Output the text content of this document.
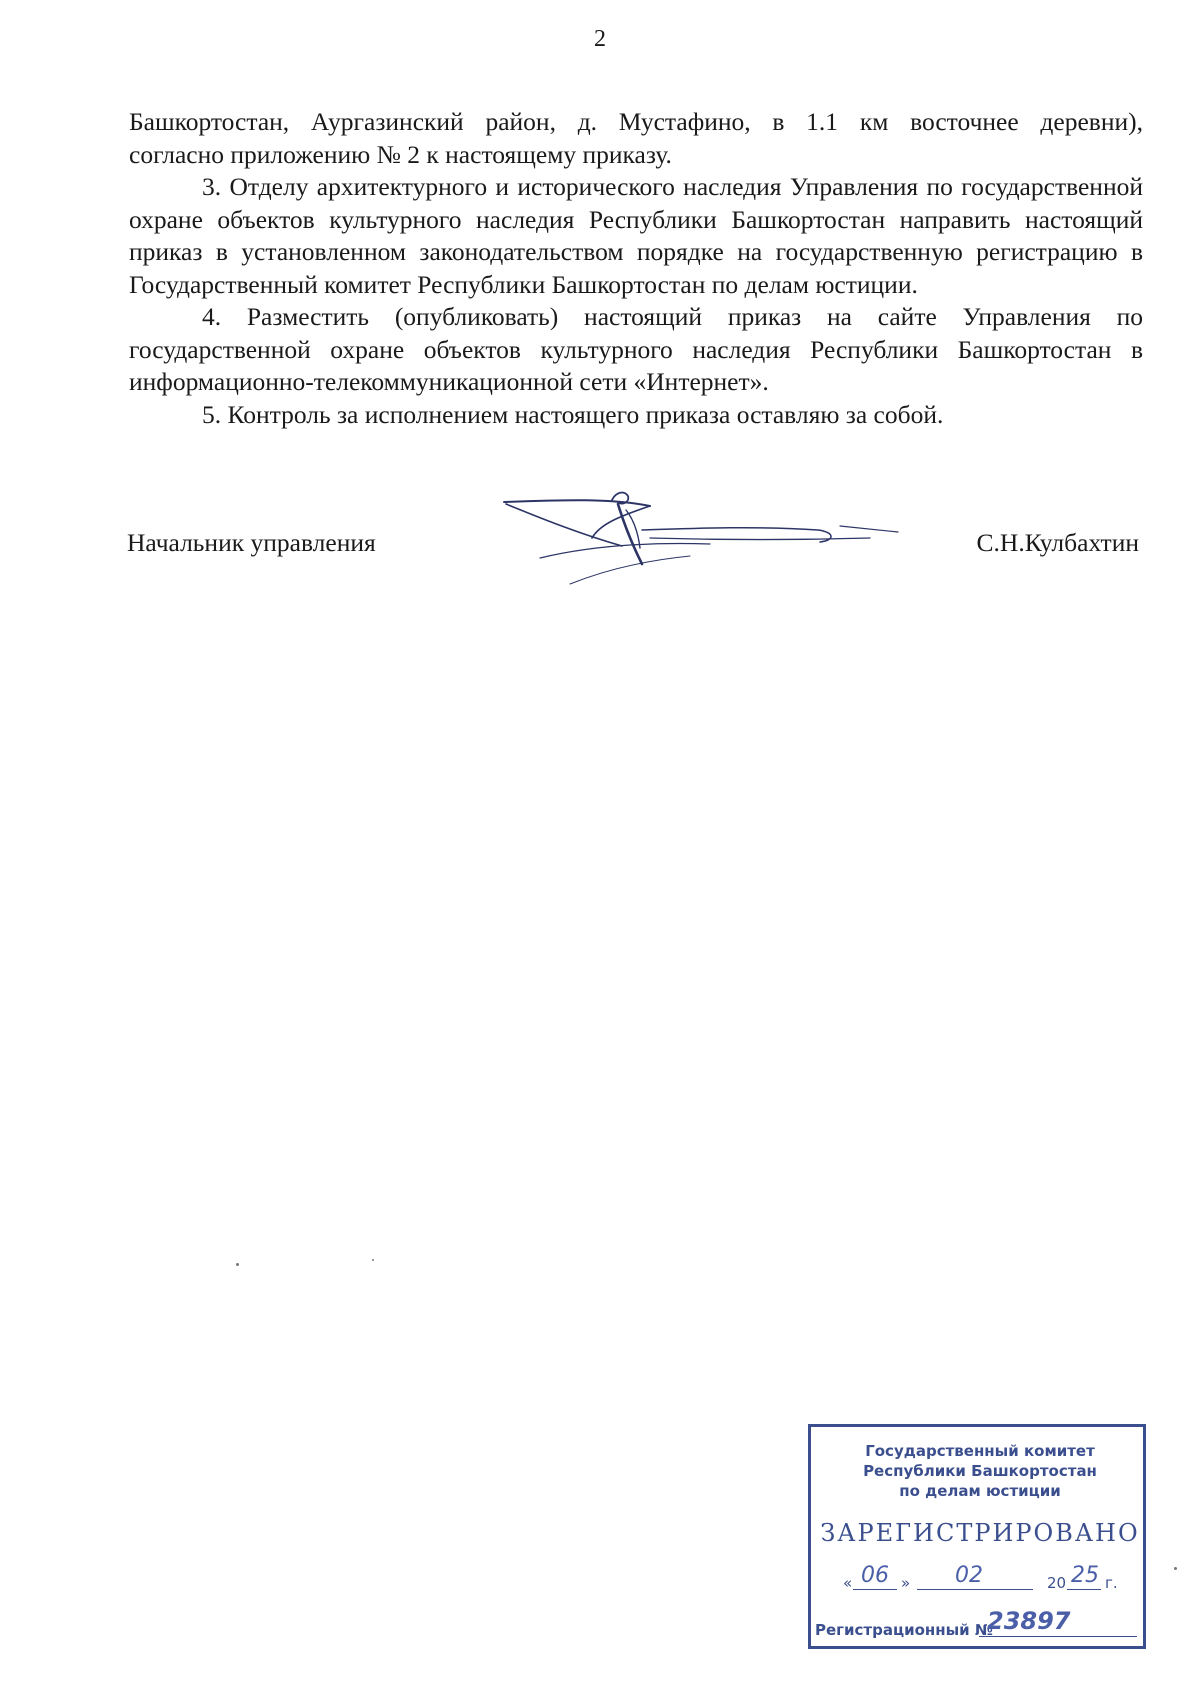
2

Башкортостан, Аургазинский район, д. Мустафино, в 1.1 км восточнее деревни),

согласно приложению № 2 к настоящему приказу.

3. Отделу архитектурного и исторического наследия Управления по государственной охране объектов культурного наследия Республики Башкортостан направить настоящий приказ в установленном законодательством порядке на государственную регистрацию в Государственный комитет Республики Башкортостан по делам юстиции.

4. Разместить (опубликовать) настоящий приказ на сайте Управления по государственной охране объектов культурного наследия Республики Башкортостан в информационно-телекоммуникационной сети «Интернет».

5. Контроль за исполнением настоящего приказа оставляю за собой.

Начальник управления	С.Н.Кулбахтин
Государственный комитет
Республики Башкортостан
по делам юстиции
ЗАРЕГИСТРИРОВАНО
« 06 » 02	20 25 г.
Регистрационный №
23897
